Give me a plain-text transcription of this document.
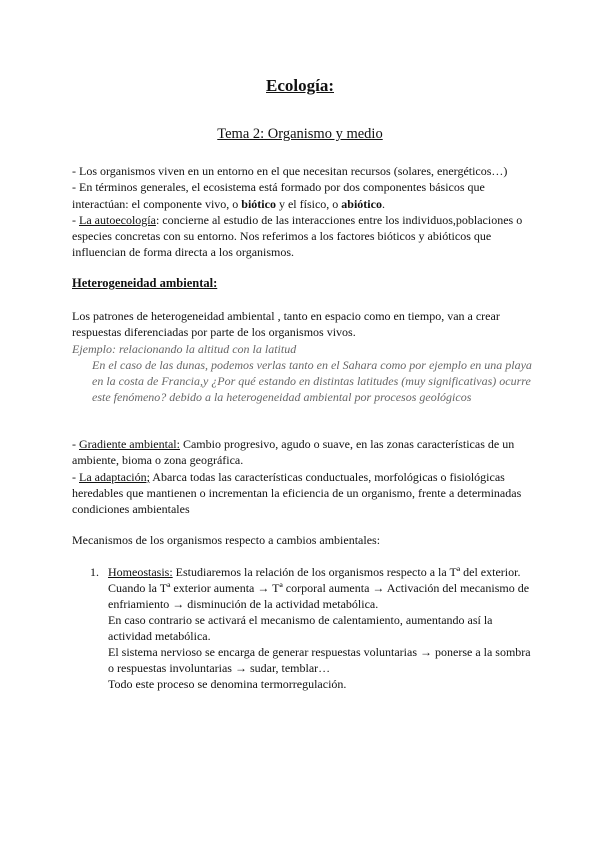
Ecología:
Tema 2: Organismo y medio
- Los organismos viven en un entorno en el que necesitan recursos (solares, energéticos…)
- En términos generales, el ecosistema está formado por dos componentes básicos que interactúan: el componente vivo, o biótico y el físico, o abiótico.
- La autoecología: concierne al estudio de las interacciones entre los individuos,poblaciones o especies concretas con su entorno. Nos referimos a los factores bióticos y abióticos que influencian de forma directa a los organismos.
Heterogeneidad ambiental:
Los patrones de heterogeneidad ambiental , tanto en espacio como en tiempo, van a crear respuestas diferenciadas por parte de los organismos vivos.
Ejemplo: relacionando la altitud con la latitud
En el caso de las dunas, podemos verlas tanto en el Sahara como por ejemplo en una playa en la costa de Francia,y ¿Por qué estando en distintas latitudes (muy significativas) ocurre este fenómeno? debido a la heterogeneidad ambiental por procesos geológicos
- Gradiente ambiental: Cambio progresivo, agudo o suave, en las zonas características de un ambiente, bioma o zona geográfica.
- La adaptación; Abarca todas las características conductuales, morfológicas o fisiológicas heredables que mantienen o incrementan la eficiencia de un organismo, frente a determinadas condiciones ambientales
Mecanismos de los organismos respecto a cambios ambientales:
1. Homeostasis: Estudiaremos la relación de los organismos respecto a la Tª del exterior.
Cuando la Tª exterior aumenta → Tª corporal aumenta → Activación del mecanismo de enfriamiento → disminución de la actividad metabólica.
En caso contrario se activará el mecanismo de calentamiento, aumentando así la actividad metabólica.
El sistema nervioso se encarga de generar respuestas voluntarias → ponerse a la sombra
o respuestas involuntarias → sudar, temblar…
Todo este proceso se denomina termorregulación.
